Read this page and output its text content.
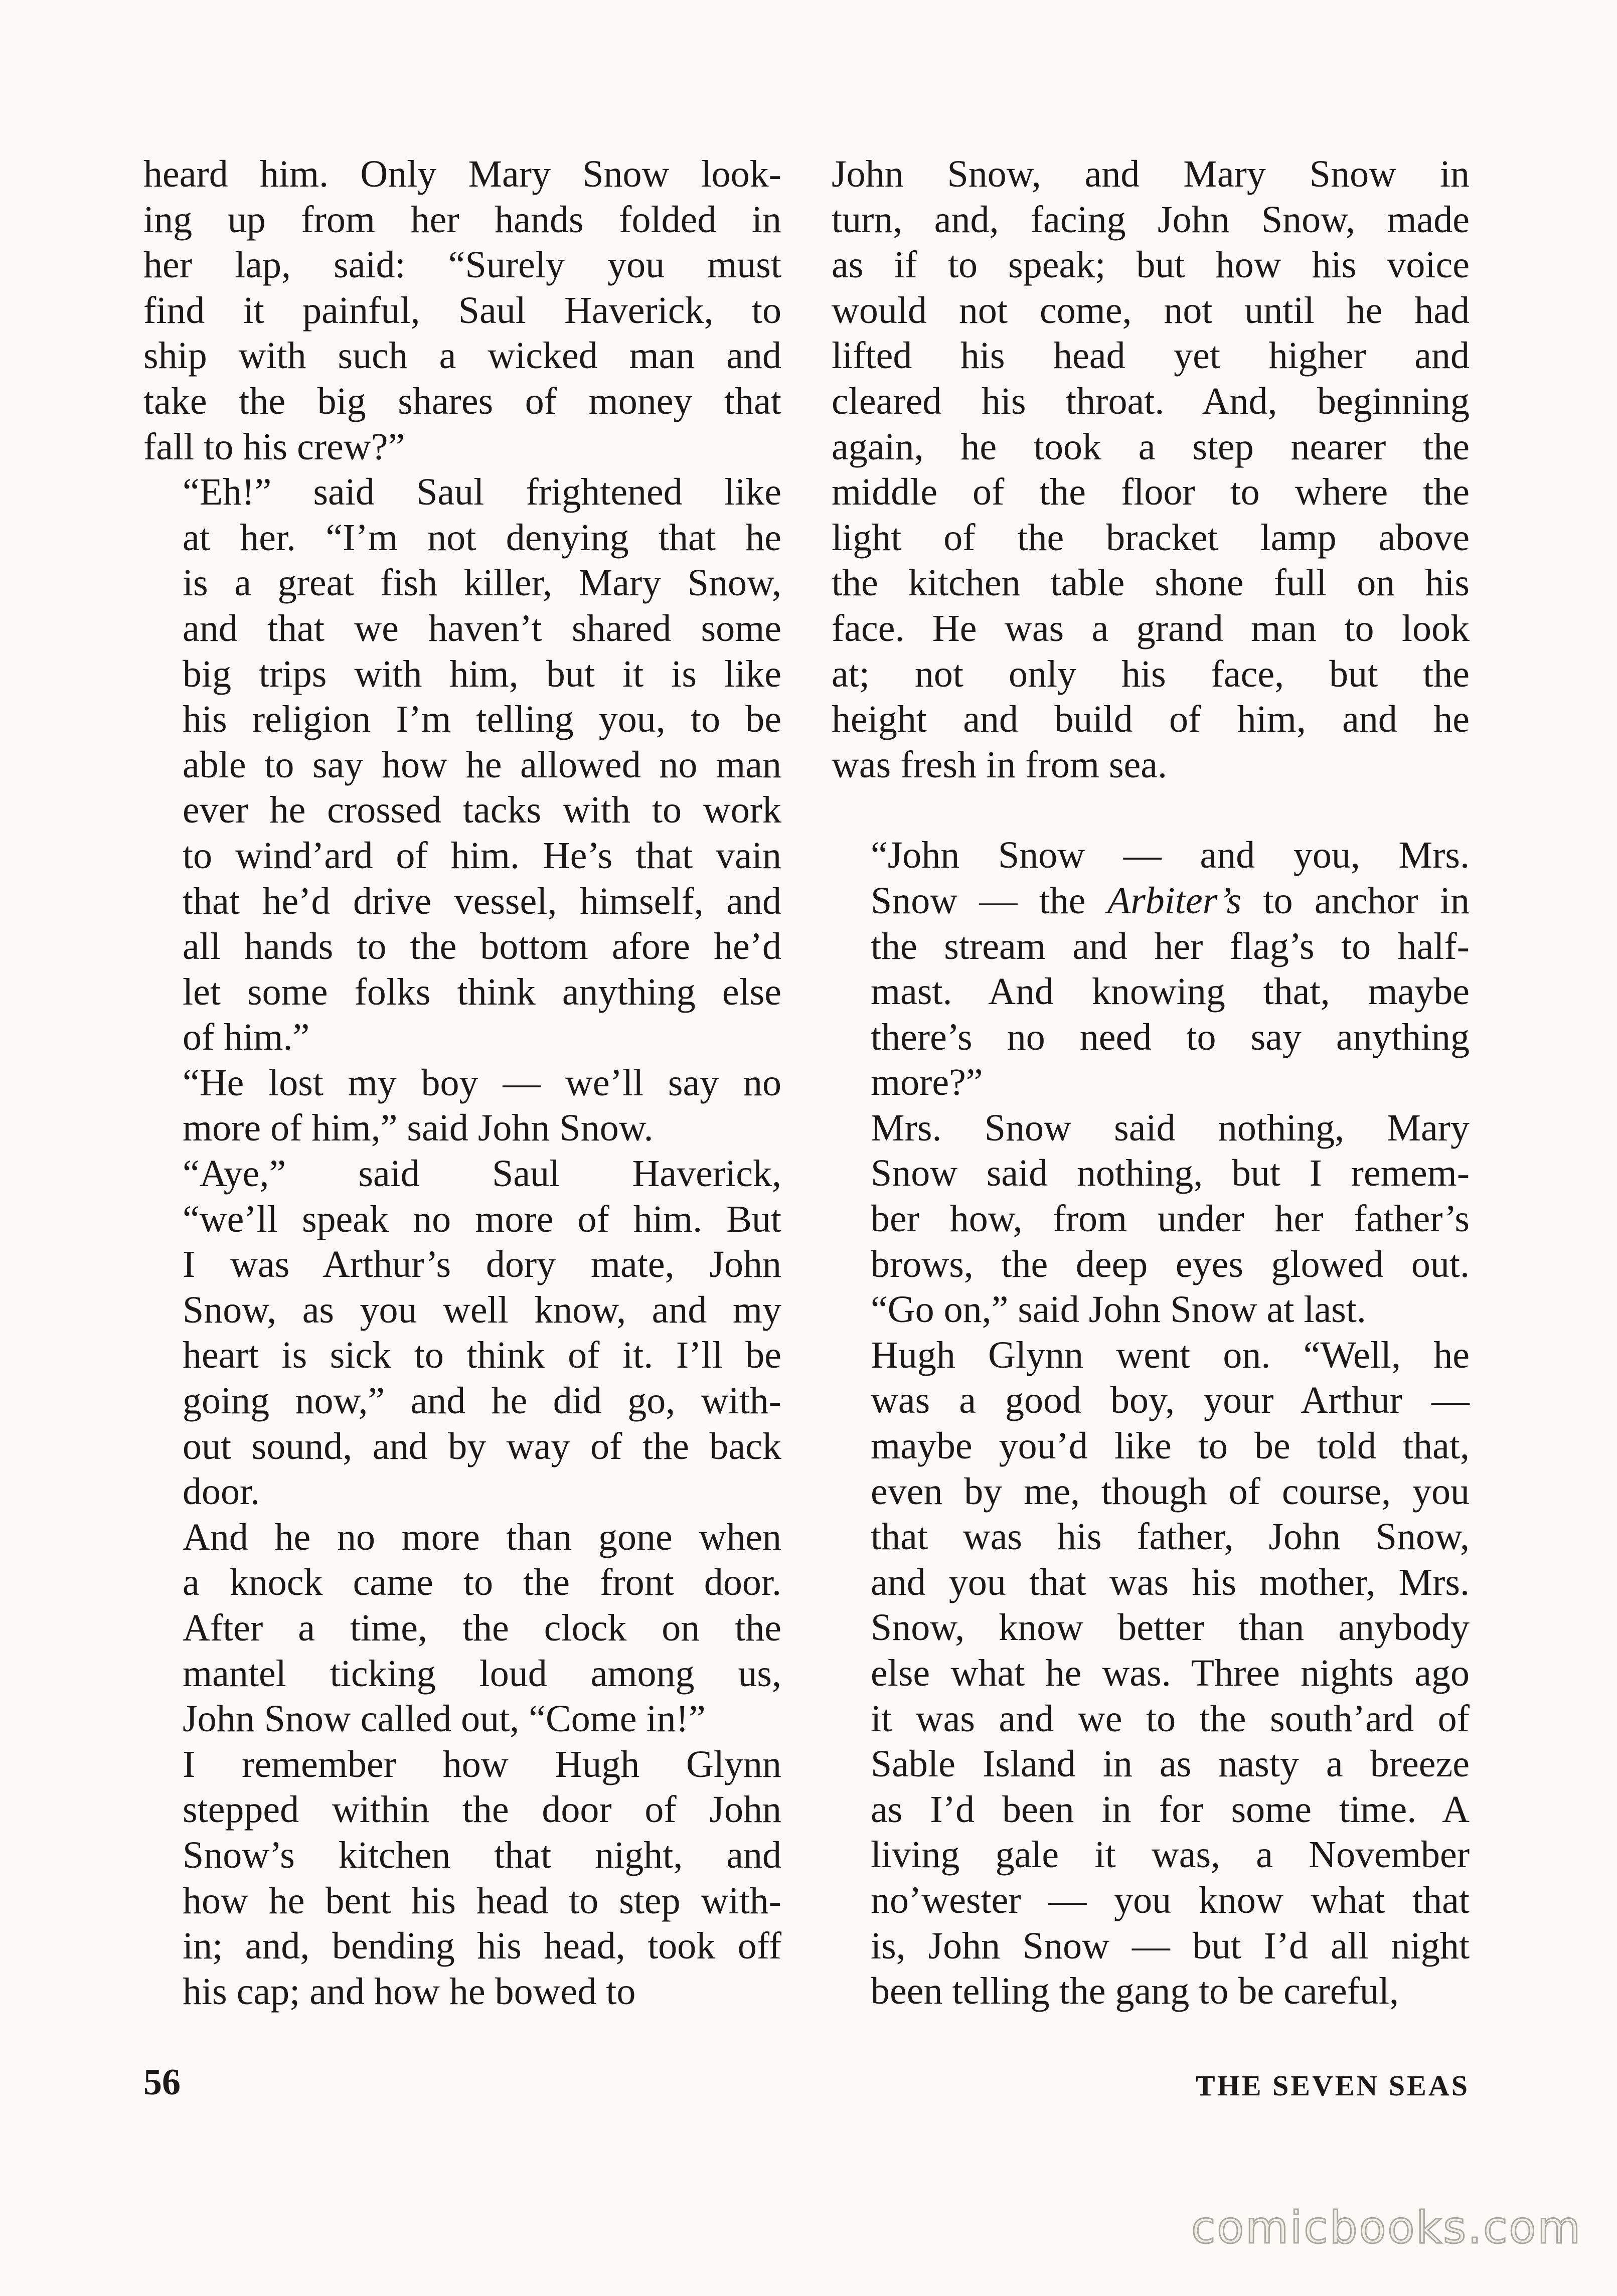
heard him. Only Mary Snow look-
ing up from her hands folded in
her lap, said: “Surely you must
find it painful, Saul Haverick, to
ship with such a wicked man and
take the big shares of money that
fall to his crew?”

“Eh!” said Saul frightened like
at her. “I’m not denying that he
is a great fish killer, Mary Snow,
and that we haven’t shared some
big trips with him, but it is like
his religion I’m telling you, to be
able to say how he allowed no man
ever he crossed tacks with to work
to wind’ard of him. He’s that vain
that he’d drive vessel, himself, and
all hands to the bottom afore he’d
let some folks think anything else
of him.”

“He lost my boy — we’ll say no
more of him,” said John Snow.

“Aye,” said Saul Haverick,
“we’ll speak no more of him. But
I was Arthur’s dory mate, John
Snow, as you well know, and my
heart is sick to think of it. I’ll be
going now,” and he did go, with-
out sound, and by way of the back
door.

And he no more than gone when
a knock came to the front door.
After a time, the clock on the
mantel ticking loud among us,
John Snow called out, “Come in!”

I remember how Hugh Glynn
stepped within the door of John
Snow’s kitchen that night, and
how he bent his head to step with-
in; and, bending his head, took off
his cap; and how he bowed to

John Snow, and Mary Snow in
turn, and, facing John Snow, made
as if to speak; but how his voice
would not come, not until he had
lifted his head yet higher and
cleared his throat. And, beginning
again, he took a step nearer the
middle of the floor to where the
light of the bracket lamp above
the kitchen table shone full on his
face. He was a grand man to look
at; not only his face, but the
height and build of him, and he
was fresh in from sea.

“John Snow — and you, Mrs.
Snow — the Arbiter’s to anchor in
the stream and her flag’s to half-
mast. And knowing that, maybe
there’s no need to say anything
more?”

Mrs. Snow said nothing, Mary
Snow said nothing, but I remem-
ber how, from under her father’s
brows, the deep eyes glowed out.
“Go on,” said John Snow at last.

Hugh Glynn went on. “Well, he
was a good boy, your Arthur —
maybe you’d like to be told that,
even by me, though of course, you
that was his father, John Snow,
and you that was his mother, Mrs.
Snow, know better than anybody
else what he was. Three nights ago
it was and we to the south’ard of
Sable Island in as nasty a breeze
as I’d been in for some time. A
living gale it was, a November
no’wester — you know what that
is, John Snow — but I’d all night
been telling the gang to be careful,

56	THE SEVEN SEAS
comicbooks.com
